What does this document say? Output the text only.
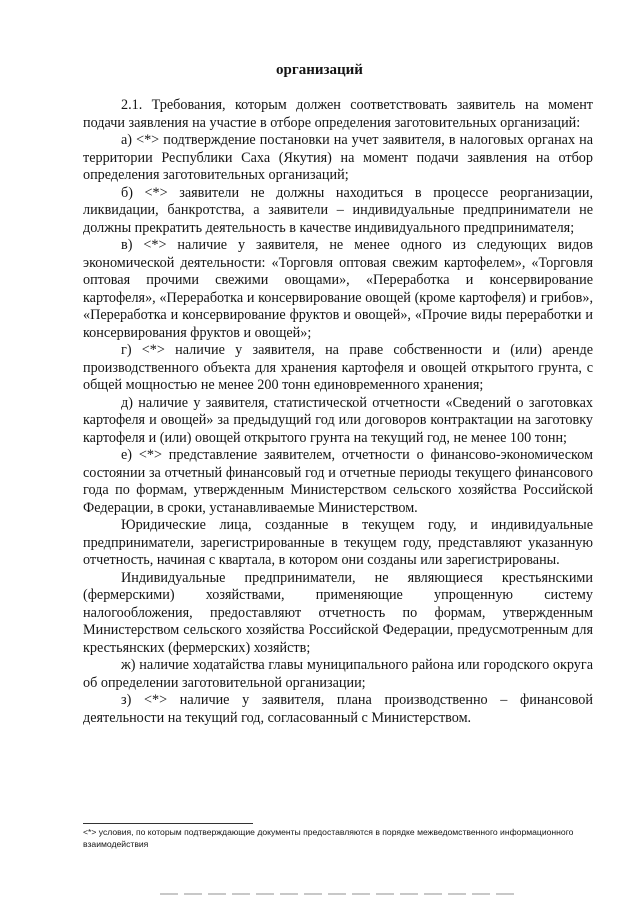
организаций

2.1. Требования, которым должен соответствовать заявитель на момент подачи заявления на участие в отборе определения заготовительных организаций:

а) <*> подтверждение постановки на учет заявителя, в налоговых органах на территории Республики Саха (Якутия) на момент подачи заявления на отбор определения заготовительных организаций;

б) <*> заявители не должны находиться в процессе реорганизации, ликвидации, банкротства, а заявители – индивидуальные предприниматели не должны прекратить деятельность в качестве индивидуального предпринимателя;

в) <*> наличие у заявителя, не менее одного из следующих видов экономической деятельности: «Торговля оптовая свежим картофелем», «Торговля оптовая прочими свежими овощами», «Переработка и консервирование картофеля», «Переработка и консервирование овощей (кроме картофеля) и грибов», «Переработка и консервирование фруктов и овощей», «Прочие виды переработки и консервирования фруктов и овощей»;

г) <*> наличие у заявителя, на праве собственности и (или) аренде производственного объекта для хранения картофеля и овощей открытого грунта, с общей мощностью не менее 200 тонн единовременного хранения;

д) наличие у заявителя, статистической отчетности «Сведений о заготовках картофеля и овощей» за предыдущий год или договоров контрактации на заготовку картофеля и (или) овощей открытого грунта на текущий год, не менее 100 тонн;

е) <*> представление заявителем, отчетности о финансово-экономическом состоянии за отчетный финансовый год и отчетные периоды текущего финансового года по формам, утвержденным Министерством сельского хозяйства Российской Федерации, в сроки, устанавливаемые Министерством.

Юридические лица, созданные в текущем году, и индивидуальные предприниматели, зарегистрированные в текущем году, представляют указанную отчетность, начиная с квартала, в котором они созданы или зарегистрированы.

Индивидуальные предприниматели, не являющиеся крестьянскими (фермерскими) хозяйствами, применяющие упрощенную систему налогообложения, предоставляют отчетность по формам, утвержденным Министерством сельского хозяйства Российской Федерации, предусмотренным для крестьянских (фермерских) хозяйств;

ж) наличие ходатайства главы муниципального района или городского округа об определении заготовительной организации;

з) <*> наличие у заявителя, плана производственно – финансовой деятельности на текущий год, согласованный с Министерством.

<*> условия, по которым подтверждающие документы предоставляются в порядке межведомственного информационного взаимодействия
